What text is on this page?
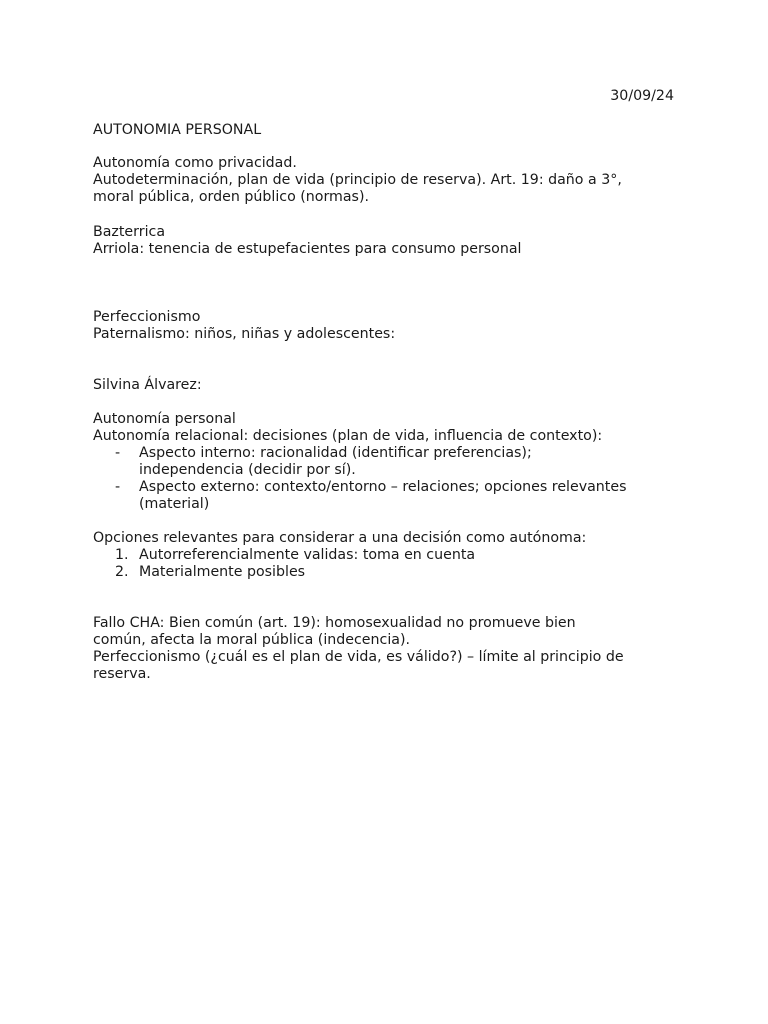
30/09/24

AUTONOMIA PERSONAL
Autonomía como privacidad.
Autodeterminación, plan de vida (principio de reserva). Art. 19: daño a 3°,
moral pública, orden público (normas).
Bazterrica
Arriola: tenencia de estupefacientes para consumo personal
Perfeccionismo
Paternalismo: niños, niñas y adolescentes:
Silvina Álvarez:
Autonomía personal
Autonomía relacional: decisiones (plan de vida, influencia de contexto):
- Aspecto interno: racionalidad (identificar preferencias);
independencia (decidir por sí).
- Aspecto externo: contexto/entorno – relaciones; opciones relevantes
(material)
Opciones relevantes para considerar a una decisión como autónoma:
1. Autorreferencialmente validas: toma en cuenta
2. Materialmente posibles
Fallo CHA: Bien común (art. 19): homosexualidad no promueve bien
común, afecta la moral pública (indecencia).
Perfeccionismo (¿cuál es el plan de vida, es válido?) – límite al principio de
reserva.
